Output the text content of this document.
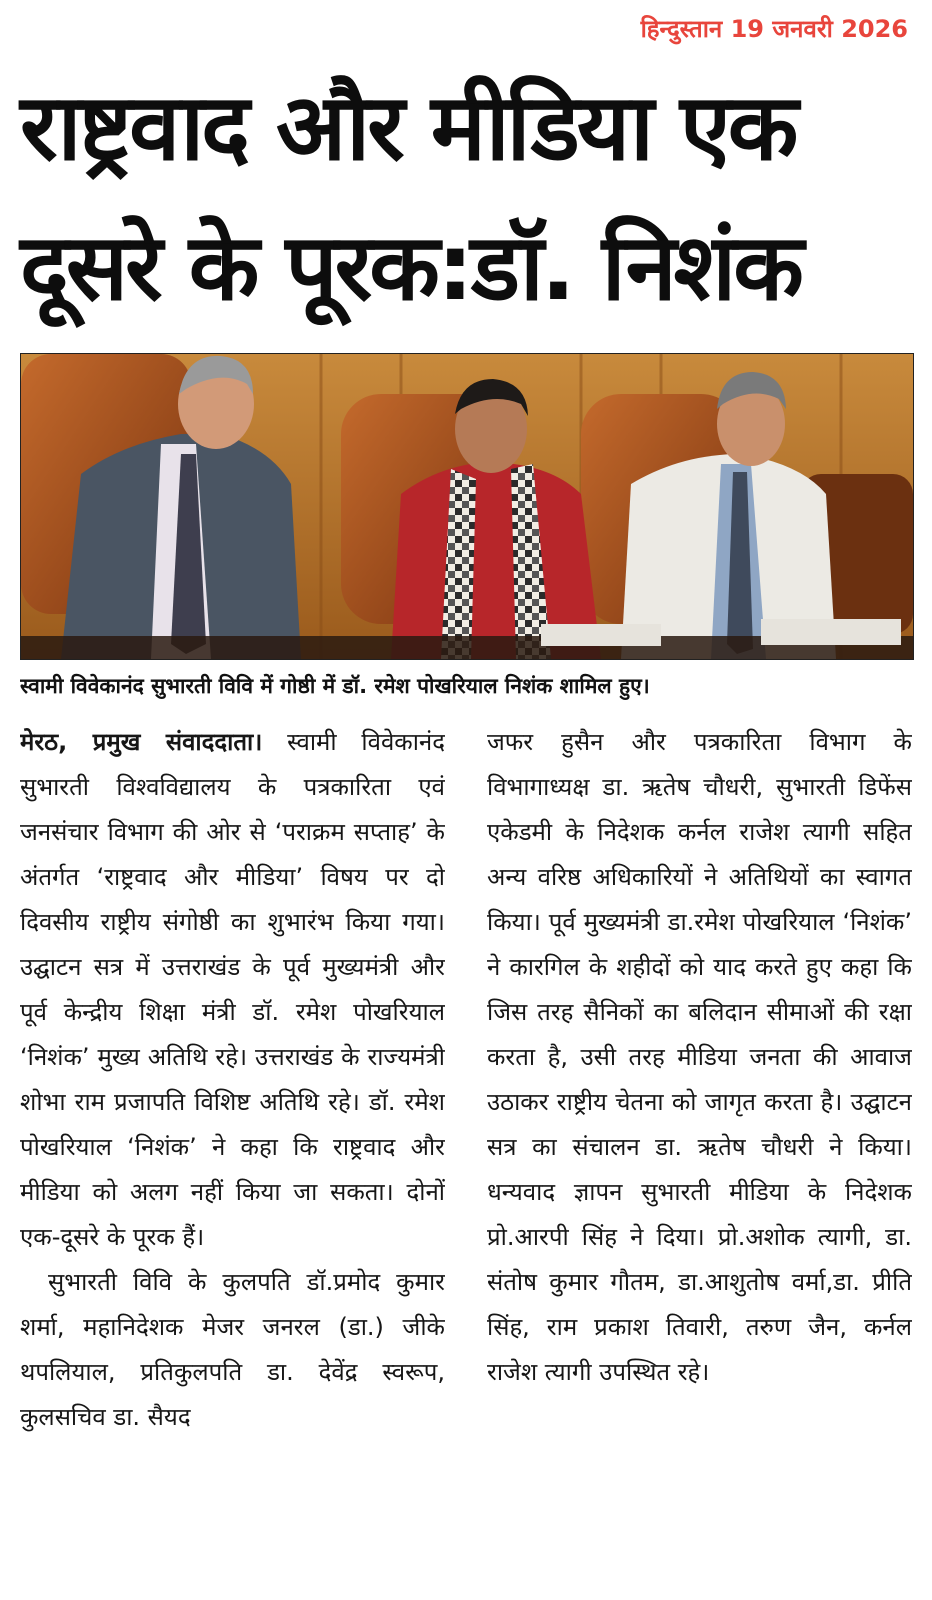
हिन्दुस्तान 19 जनवरी 2026
राष्ट्रवाद और मीडिया एक
दूसरे के पूरक:डॉ. निशंक
स्वामी विवेकानंद सुभारती विवि में गोष्ठी में डॉ. रमेश पोखरियाल निशंक शामिल हुए।

मेरठ, प्रमुख संवाददाता। स्वामी विवेकानंद सुभारती विश्वविद्यालय के पत्रकारिता एवं जनसंचार विभाग की ओर से ‘पराक्रम सप्ताह’ के अंतर्गत ‘राष्ट्रवाद और मीडिया’ विषय पर दो दिवसीय राष्ट्रीय संगोष्ठी का शुभारंभ किया गया। उद्घाटन सत्र में उत्तराखंड के पूर्व मुख्यमंत्री और पूर्व केन्द्रीय शिक्षा मंत्री डॉ. रमेश पोखरियाल ‘निशंक’ मुख्य अतिथि रहे। उत्तराखंड के राज्यमंत्री शोभा राम प्रजापति विशिष्ट अतिथि रहे। डॉ. रमेश पोखरियाल ‘निशंक’ ने कहा कि राष्ट्रवाद और मीडिया को अलग नहीं किया जा सकता। दोनों एक-दूसरे के पूरक हैं।

सुभारती विवि के कुलपति डॉ.प्रमोद कुमार शर्मा, महानिदेशक मेजर जनरल (डा.) जीके थपलियाल, प्रतिकुलपति डा. देवेंद्र स्वरूप, कुलसचिव डा. सैयद

जफर हुसैन और पत्रकारिता विभाग के विभागाध्यक्ष डा. ऋतेष चौधरी, सुभारती डिफेंस एकेडमी के निदेशक कर्नल राजेश त्यागी सहित अन्य वरिष्ठ अधिकारियों ने अतिथियों का स्वागत किया। पूर्व मुख्यमंत्री डा.रमेश पोखरियाल ‘निशंक’ ने कारगिल के शहीदों को याद करते हुए कहा कि जिस तरह सैनिकों का बलिदान सीमाओं की रक्षा करता है, उसी तरह मीडिया जनता की आवाज उठाकर राष्ट्रीय चेतना को जागृत करता है। उद्घाटन सत्र का संचालन डा. ऋतेष चौधरी ने किया। धन्यवाद ज्ञापन सुभारती मीडिया के निदेशक प्रो.आरपी सिंह ने दिया। प्रो.अशोक त्यागी, डा. संतोष कुमार गौतम, डा.आशुतोष वर्मा,डा. प्रीति सिंह, राम प्रकाश तिवारी, तरुण जैन, कर्नल राजेश त्यागी उपस्थित रहे।
